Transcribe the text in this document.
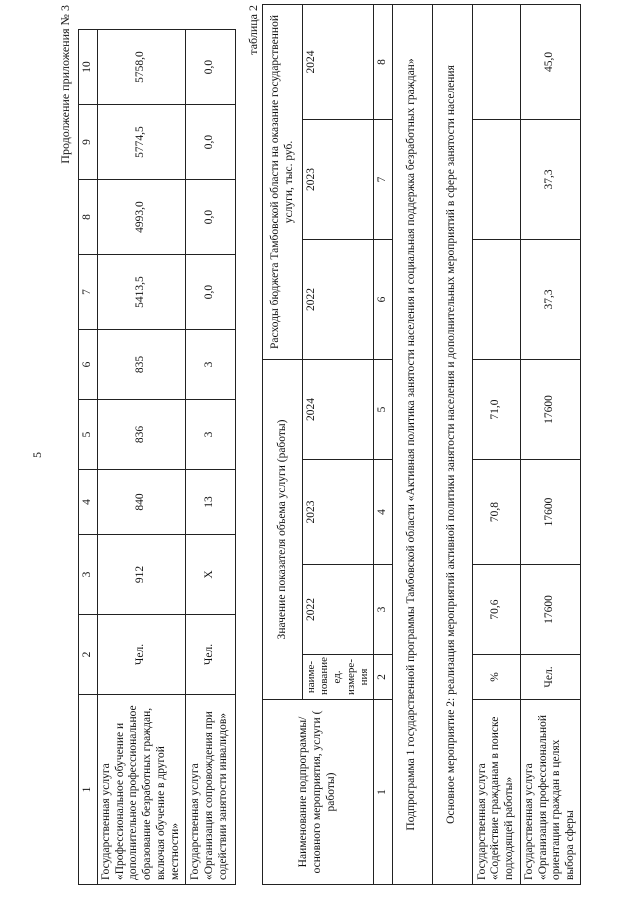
5
Продолжение приложения № 3
1	2	3	4	5	6	7	8	9	10
Государственная услуга «Профессиональное обучение и дополнительное профессиональное образование безработных граждан, включая обучение в другой местности»	Чел.	912	840	836	835	5413,5	4993,0	5774,5	5758,0
Государственная услуга «Организация сопровождения при содействии занятости инвалидов»	Чел.	Х	13	3	3	0,0	0,0	0,0	0,0
таблица 2
Наименование подпрограммы/ основного мероприятия, услуги ( работы)	Значение показателя объема услуги (работы)				Расходы бюджета Тамбовской области на оказание государственной услуги, тыс. руб.		
	наиме-нование ед. измере-ния	2022	2023	2024	2022	2023	2024
1	2	3	4	5	6	7	8
Подпрограмма 1 государственной программы Тамбовской области «Активная политика занятости населения и социальная поддержка безработных граждан»							
Основное мероприятие 2: реализация мероприятий активной политики занятости населения и дополнительных мероприятий в сфере занятости населения							
Государственная услуга «Содействие гражданам в поиске подходящей работы»	%	70,6	70,8	71,0			
Государственная услуга «Организация профессиональной ориентации граждан в целях выбора сферы	Чел.	17600	17600	17600	37,3	37,3	45,0
